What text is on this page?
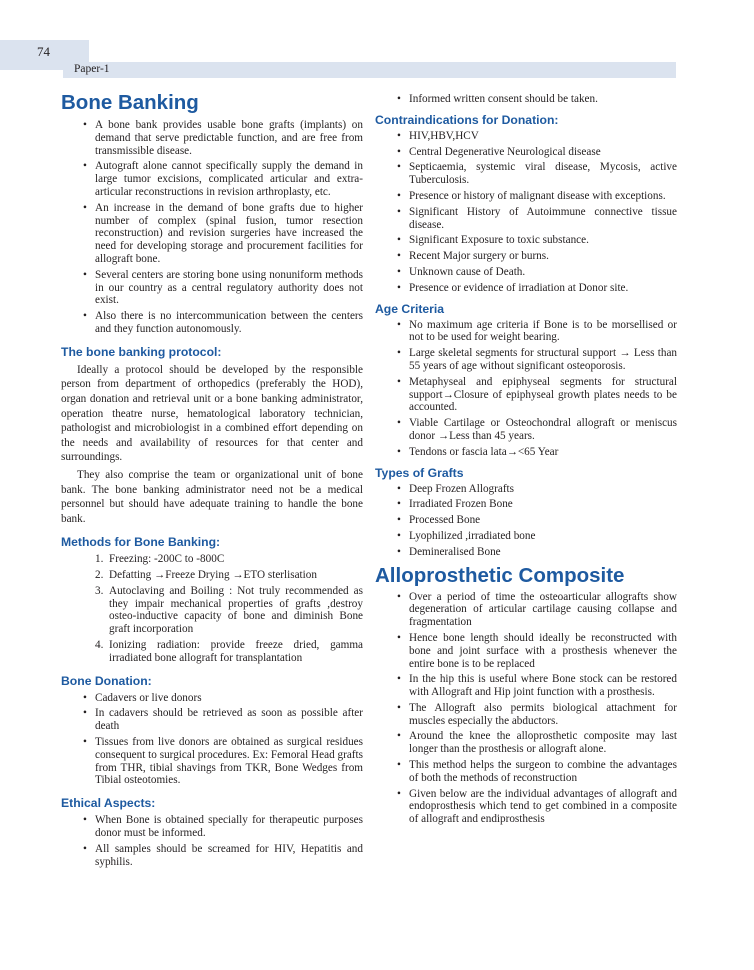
74
Paper-1
Bone Banking
• A bone bank provides usable bone grafts (implants) on demand that serve predictable function, and are free from transmissible disease.
• Autograft alone cannot specifically supply the demand in large tumor excisions, complicated articular and extra-articular reconstructions in revision arthroplasty, etc.
• An increase in the demand of bone grafts due to higher number of complex (spinal fusion, tumor resection reconstruction) and revision surgeries have increased the need for developing storage and procurement facilities for allograft bone.
• Several centers are storing bone using nonuniform methods in our country as a central regulatory authority does not exist.
• Also there is no intercommunication between the centers and they function autonomously.
The bone banking protocol:

Ideally a protocol should be developed by the responsible person from department of orthopedics (preferably the HOD), organ donation and retrieval unit or a bone banking administrator, operation theatre nurse, hematological laboratory technician, pathologist and microbiologist in a combined effort depending on the needs and availability of resources for that center and surroundings.

They also comprise the team or organizational unit of bone bank. The bone banking administrator need not be a medical personnel but should have adequate training to handle the bone bank.

Methods for Bone Banking:
1. Freezing: -200C to -800C
2. Defatting →Freeze Drying →ETO sterlisation
3. Autoclaving and Boiling : Not truly recommended as they impair mechanical properties of grafts ,destroy osteo-inductive capacity of bone and diminish Bone graft incorporation
4. Ionizing radiation: provide freeze dried, gamma irradiated bone allograft for transplantation
Bone Donation:
• Cadavers or live donors
• In cadavers should be retrieved as soon as possible after death
• Tissues from live donors are obtained as surgical residues consequent to surgical procedures. Ex: Femoral Head grafts from THR, tibial shavings from TKR, Bone Wedges from Tibial osteotomies.
Ethical Aspects:
• When Bone is obtained specially for therapeutic purposes donor must be informed.
• All samples should be screamed for HIV, Hepatitis and syphilis.
• Informed written consent should be taken.
Contraindications for Donation:
• HIV,HBV,HCV
• Central Degenerative Neurological disease
• Septicaemia, systemic viral disease, Mycosis, active Tuberculosis.
• Presence or history of malignant disease with exceptions.
• Significant History of Autoimmune connective tissue disease.
• Significant Exposure to toxic substance.
• Recent Major surgery or burns.
• Unknown cause of Death.
• Presence or evidence of irradiation at Donor site.
Age Criteria
• No maximum age criteria if Bone is to be morsellised or not to be used for weight bearing.
• Large skeletal segments for structural support → Less than 55 years of age without significant osteoporosis.
• Metaphyseal and epiphyseal segments for structural support→Closure of epiphyseal growth plates needs to be accounted.
• Viable Cartilage or Osteochondral allograft or meniscus donor →Less than 45 years.
• Tendons or fascia lata→<65 Year
Types of Grafts
• Deep Frozen Allografts
• Irradiated Frozen Bone
• Processed Bone
• Lyophilized ,irradiated bone
• Demineralised Bone
Alloprosthetic Composite
• Over a period of time the osteoarticular allografts show degeneration of articular cartilage causing collapse and fragmentation
• Hence bone length should ideally be reconstructed with bone and joint surface with a prosthesis whenever the entire bone is to be replaced
• In the hip this is useful where Bone stock can be restored with Allograft and Hip joint function with a prosthesis.
• The Allograft also permits biological attachment for muscles especially the abductors.
• Around the knee the alloprosthetic composite may last longer than the prosthesis or allograft alone.
• This method helps the surgeon to combine the advantages of both the methods of reconstruction
• Given below are the individual advantages of allograft and endoprosthesis which tend to get combined in a composite of allograft and endiprosthesis
